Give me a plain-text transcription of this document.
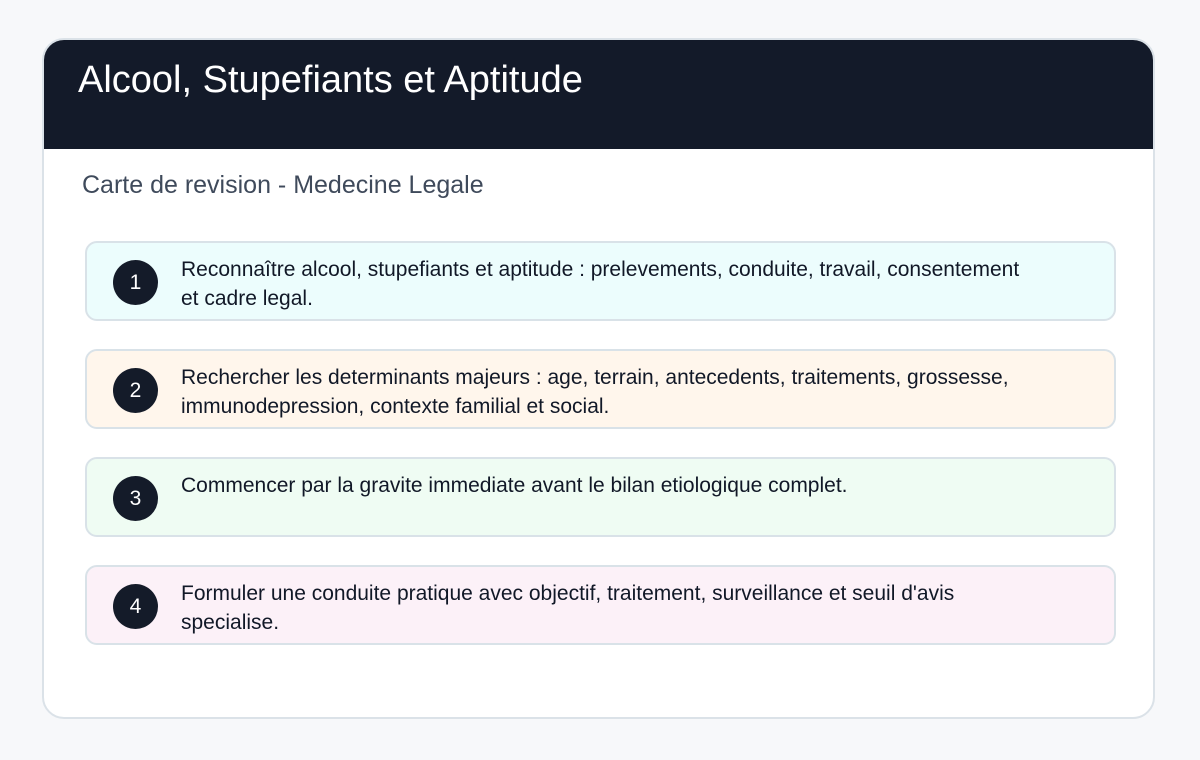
Alcool, Stupefiants et Aptitude
Carte de revision - Medecine Legale
1
Reconnaître alcool, stupefiants et aptitude : prelevements, conduite, travail, consentement et cadre legal.
2
Rechercher les determinants majeurs : age, terrain, antecedents, traitements, grossesse, immunodepression, contexte familial et social.
3
Commencer par la gravite immediate avant le bilan etiologique complet.
4
Formuler une conduite pratique avec objectif, traitement, surveillance et seuil d'avis specialise.
